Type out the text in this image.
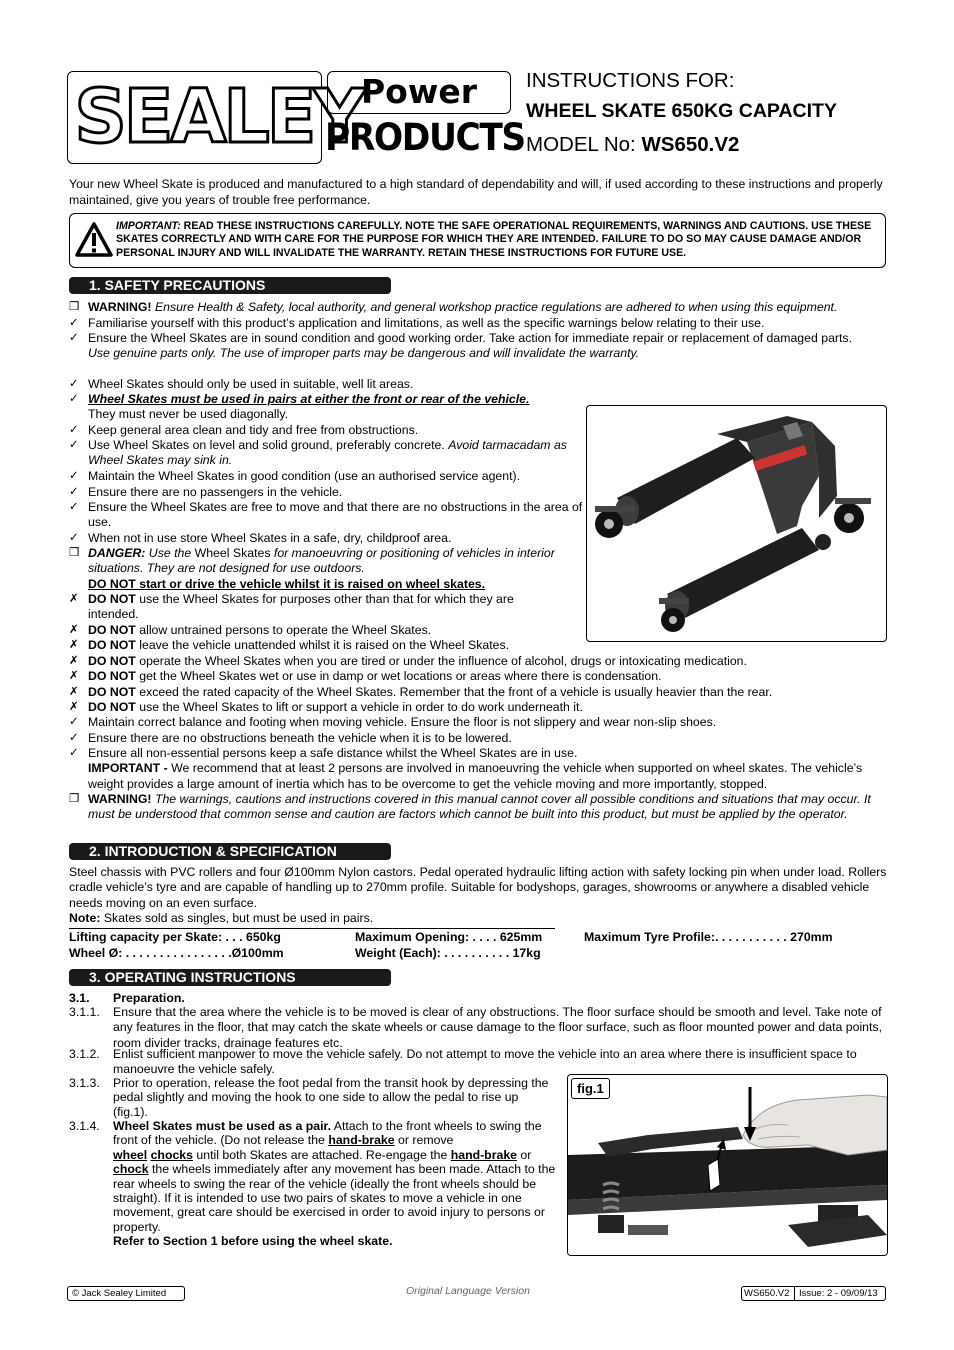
SEALEY
Power
PRODUCTS
INSTRUCTIONS FOR:
WHEEL SKATE 650KG CAPACITY
MODEL No: WS650.V2
Your new Wheel Skate is produced and manufactured to a high standard of dependability and will, if used according to these instructions and properly maintained, give you years of trouble free performance.
IMPORTANT: READ THESE INSTRUCTIONS CAREFULLY. NOTE THE SAFE OPERATIONAL REQUIREMENTS, WARNINGS AND CAUTIONS. USE THESE SKATES CORRECTLY AND WITH CARE FOR THE PURPOSE FOR WHICH THEY ARE INTENDED. FAILURE TO DO SO MAY CAUSE DAMAGE AND/OR PERSONAL INJURY AND WILL INVALIDATE THE WARRANTY. RETAIN THESE INSTRUCTIONS FOR FUTURE USE.
1. SAFETY PRECAUTIONS
❐ WARNING! Ensure Health & Safety, local authority, and general workshop practice regulations are adhered to when using this equipment.
✓ Familiarise yourself with this product’s application and limitations, as well as the specific warnings below relating to their use.
✓ Ensure the Wheel Skates are in sound condition and good working order. Take action for immediate repair or replacement of damaged parts.
Use genuine parts only. The use of improper parts may be dangerous and will invalidate the warranty.
✓ Wheel Skates should only be used in suitable, well lit areas.
✓ Wheel Skates must be used in pairs at either the front or rear of the vehicle.
They must never be used diagonally.
✓ Keep general area clean and tidy and free from obstructions.
✓ Use Wheel Skates on level and solid ground, preferably concrete. Avoid tarmacadam as Wheel Skates may sink in.
✓ Maintain the Wheel Skates in good condition (use an authorised service agent).
✓ Ensure there are no passengers in the vehicle.
✓ Ensure the Wheel Skates are free to move and that there are no obstructions in the area of use.
✓ When not in use store Wheel Skates in a safe, dry, childproof area.
❐ DANGER: Use the Wheel Skates for manoeuvring or positioning of vehicles in interior situations. They are not designed for use outdoors.
DO NOT start or drive the vehicle whilst it is raised on wheel skates.
✗ DO NOT use the Wheel Skates for purposes other than that for which they are intended.
✗ DO NOT allow untrained persons to operate the Wheel Skates.
✗ DO NOT leave the vehicle unattended whilst it is raised on the Wheel Skates.
✗ DO NOT operate the Wheel Skates when you are tired or under the influence of alcohol, drugs or intoxicating medication.
✗ DO NOT get the Wheel Skates wet or use in damp or wet locations or areas where there is condensation.
✗ DO NOT exceed the rated capacity of the Wheel Skates. Remember that the front of a vehicle is usually heavier than the rear.
✗ DO NOT use the Wheel Skates to lift or support a vehicle in order to do work underneath it.
✓ Maintain correct balance and footing when moving vehicle. Ensure the floor is not slippery and wear non-slip shoes.
✓ Ensure there are no obstructions beneath the vehicle when it is to be lowered.
✓ Ensure all non-essential persons keep a safe distance whilst the Wheel Skates are in use.
IMPORTANT - We recommend that at least 2 persons are involved in manoeuvring the vehicle when supported on wheel skates. The vehicle’s weight provides a large amount of inertia which has to be overcome to get the vehicle moving and more importantly, stopped.
❐ WARNING! The warnings, cautions and instructions covered in this manual cannot cover all possible conditions and situations that may occur. It must be understood that common sense and caution are factors which cannot be built into this product, but must be applied by the operator.
2. INTRODUCTION & SPECIFICATION
Steel chassis with PVC rollers and four Ø100mm Nylon castors. Pedal operated hydraulic lifting action with safety locking pin when under load. Rollers cradle vehicle’s tyre and are capable of handling up to 270mm profile. Suitable for bodyshops, garages, showrooms or anywhere a disabled vehicle needs moving on an even surface.
Note: Skates sold as singles, but must be used in pairs.
Lifting capacity per Skate: . . . 650kg	Maximum Opening: . . . . 625mm	Maximum Tyre Profile:. . . . . . . . . . . 270mm
Wheel Ø: . . . . . . . . . . . . . . . .Ø100mm	Weight (Each): . . . . . . . . . . 17kg
3. OPERATING INSTRUCTIONS
3.1. Preparation.
3.1.1. Ensure that the area where the vehicle is to be moved is clear of any obstructions. The floor surface should be smooth and level. Take note of any features in the floor, that may catch the skate wheels or cause damage to the floor surface, such as floor mounted power and data points, room divider tracks, drainage features etc.
3.1.2. Enlist sufficient manpower to move the vehicle safely. Do not attempt to move the vehicle into an area where there is insufficient space to manoeuvre the vehicle safely.
3.1.3. Prior to operation, release the foot pedal from the transit hook by depressing the pedal slightly and moving the hook to one side to allow the pedal to rise up (fig.1).
3.1.4. Wheel Skates must be used as a pair. Attach to the front wheels to swing the front of the vehicle. (Do not release the hand-brake or remove
wheel chocks until both Skates are attached. Re-engage the hand-brake or
chock the wheels immediately after any movement has been made. Attach to the rear wheels to swing the rear of the vehicle (ideally the front wheels should be straight). If it is intended to use two pairs of skates to move a vehicle in one movement, great care should be exercised in order to avoid injury to persons or property.
Refer to Section 1 before using the wheel skate.
fig.1
© Jack Sealey Limited	Original Language Version	WS650.V2 Issue: 2 - 09/09/13
